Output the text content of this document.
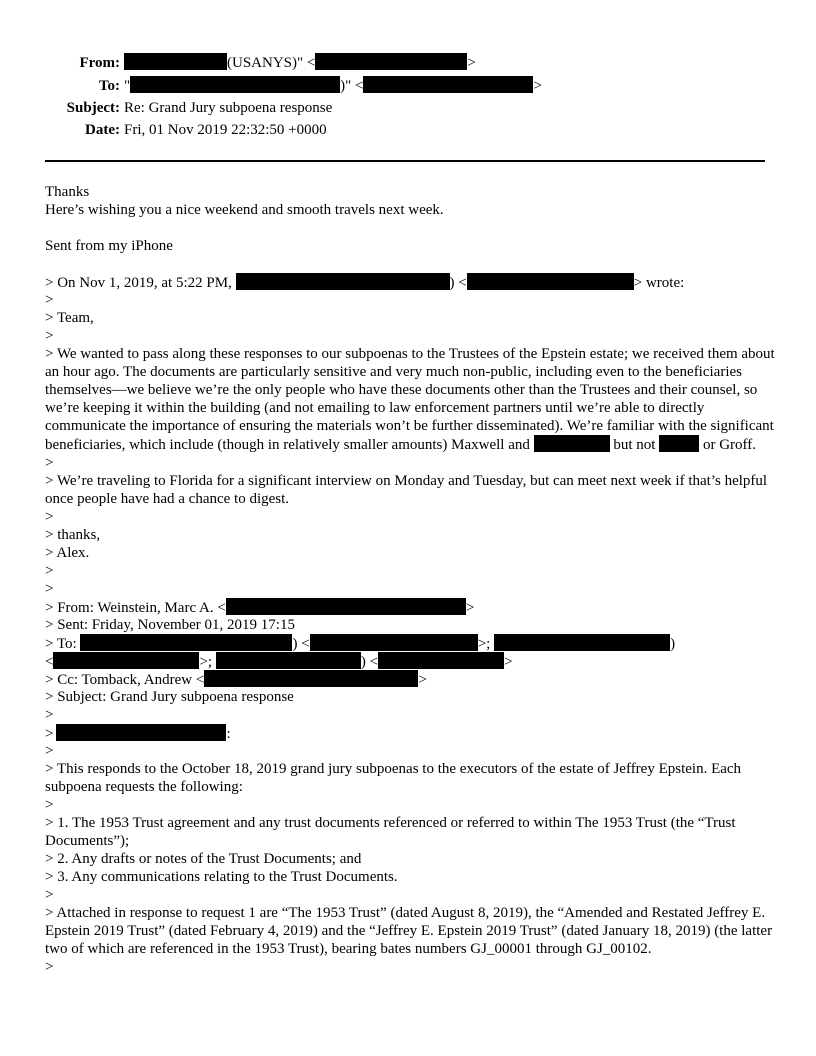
From:	(USANYS)" <	>
To: "	)" <	>
Subject: Re: Grand Jury subpoena response
Date: Fri, 01 Nov 2019 22:32:50 +0000
Thanks
Here’s wishing you a nice weekend and smooth travels next week.
Sent from my iPhone
> On Nov 1, 2019, at 5:22 PM,	) <	> wrote:
>
> Team,
>
> We wanted to pass along these responses to our subpoenas to the Trustees of the Epstein estate; we received them about an hour ago. The documents are particularly sensitive and very much non-public, including even to the beneficiaries themselves—we believe we’re the only people who have these documents other than the Trustees and their counsel, so we’re keeping it within the building (and not emailing to law enforcement partners until we’re able to directly communicate the importance of ensuring the materials won’t be further disseminated). We’re familiar with the significant beneficiaries, which include (though in relatively smaller amounts) Maxwell and	but not	or Groff.
>
> We’re traveling to Florida for a significant interview on Monday and Tuesday, but can meet next week if that’s helpful once people have had a chance to digest.
>
> thanks,
> Alex.
>
>
> From: Weinstein, Marc A. <	>
> Sent: Friday, November 01, 2019 17:15
> To:	) <	>;	)
<	>;	) <	>
> Cc: Tomback, Andrew <	>
> Subject: Grand Jury subpoena response
>
>	:
>
> This responds to the October 18, 2019 grand jury subpoenas to the executors of the estate of Jeffrey Epstein. Each subpoena requests the following:
>
> 1. The 1953 Trust agreement and any trust documents referenced or referred to within The 1953 Trust (the “Trust Documents”);
> 2. Any drafts or notes of the Trust Documents; and
> 3. Any communications relating to the Trust Documents.
>
> Attached in response to request 1 are “The 1953 Trust” (dated August 8, 2019), the “Amended and Restated Jeffrey E. Epstein 2019 Trust” (dated February 4, 2019) and the “Jeffrey E. Epstein 2019 Trust” (dated January 18, 2019) (the latter two of which are referenced in the 1953 Trust), bearing bates numbers GJ_00001 through GJ_00102.
>
